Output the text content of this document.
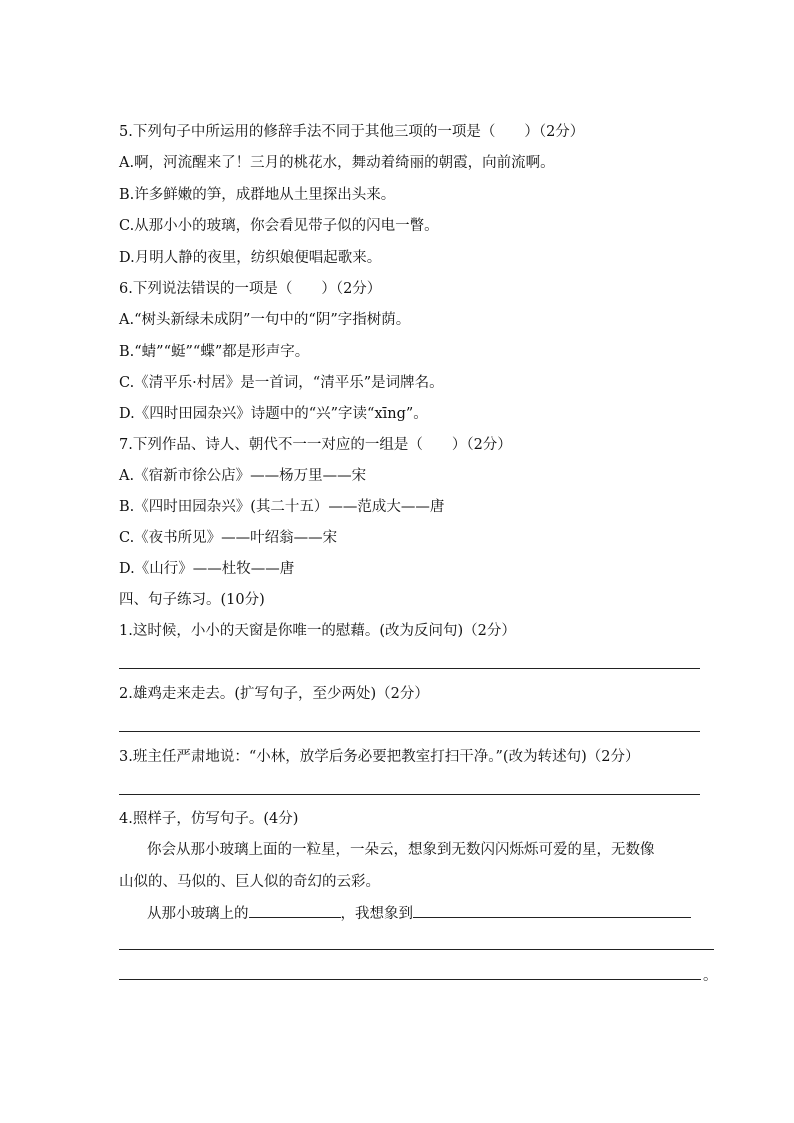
5.下列句子中所运用的修辞手法不同于其他三项的一项是（　　）（2分）
A.啊，河流醒来了！三月的桃花水，舞动着绮丽的朝霞，向前流啊。
B.许多鲜嫩的笋，成群地从土里探出头来。
C.从那小小的玻璃，你会看见带子似的闪电一瞥。
D.月明人静的夜里，纺织娘便唱起歌来。
6.下列说法错误的一项是（　　）（2分）
A.“树头新绿未成阴”一句中的“阴”字指树荫。
B.“蜻”“蜓”“蝶”都是形声字。
C.《清平乐·村居》是一首词，“清平乐”是词牌名。
D.《四时田园杂兴》诗题中的“兴”字读“xīng”。
7.下列作品、诗人、朝代不一一对应的一组是（　　）（2分）
A.《宿新市徐公店》——杨万里——宋
B.《四时田园杂兴》(其二十五）——范成大——唐
C.《夜书所见》——叶绍翁——宋
D.《山行》——杜牧——唐
四、句子练习。(10分)
1.这时候，小小的天窗是你唯一的慰藉。(改为反问句)（2分）
2.雄鸡走来走去。(扩写句子，至少两处)（2分）
3.班主任严肃地说：“小林，放学后务必要把教室打扫干净。”(改为转述句)（2分）
4.照样子，仿写句子。(4分)
你会从那小玻璃上面的一粒星，一朵云，想象到无数闪闪烁烁可爱的星，无数像
山似的、马似的、巨人似的奇幻的云彩。
从那小玻璃上的	，我想象到
。
